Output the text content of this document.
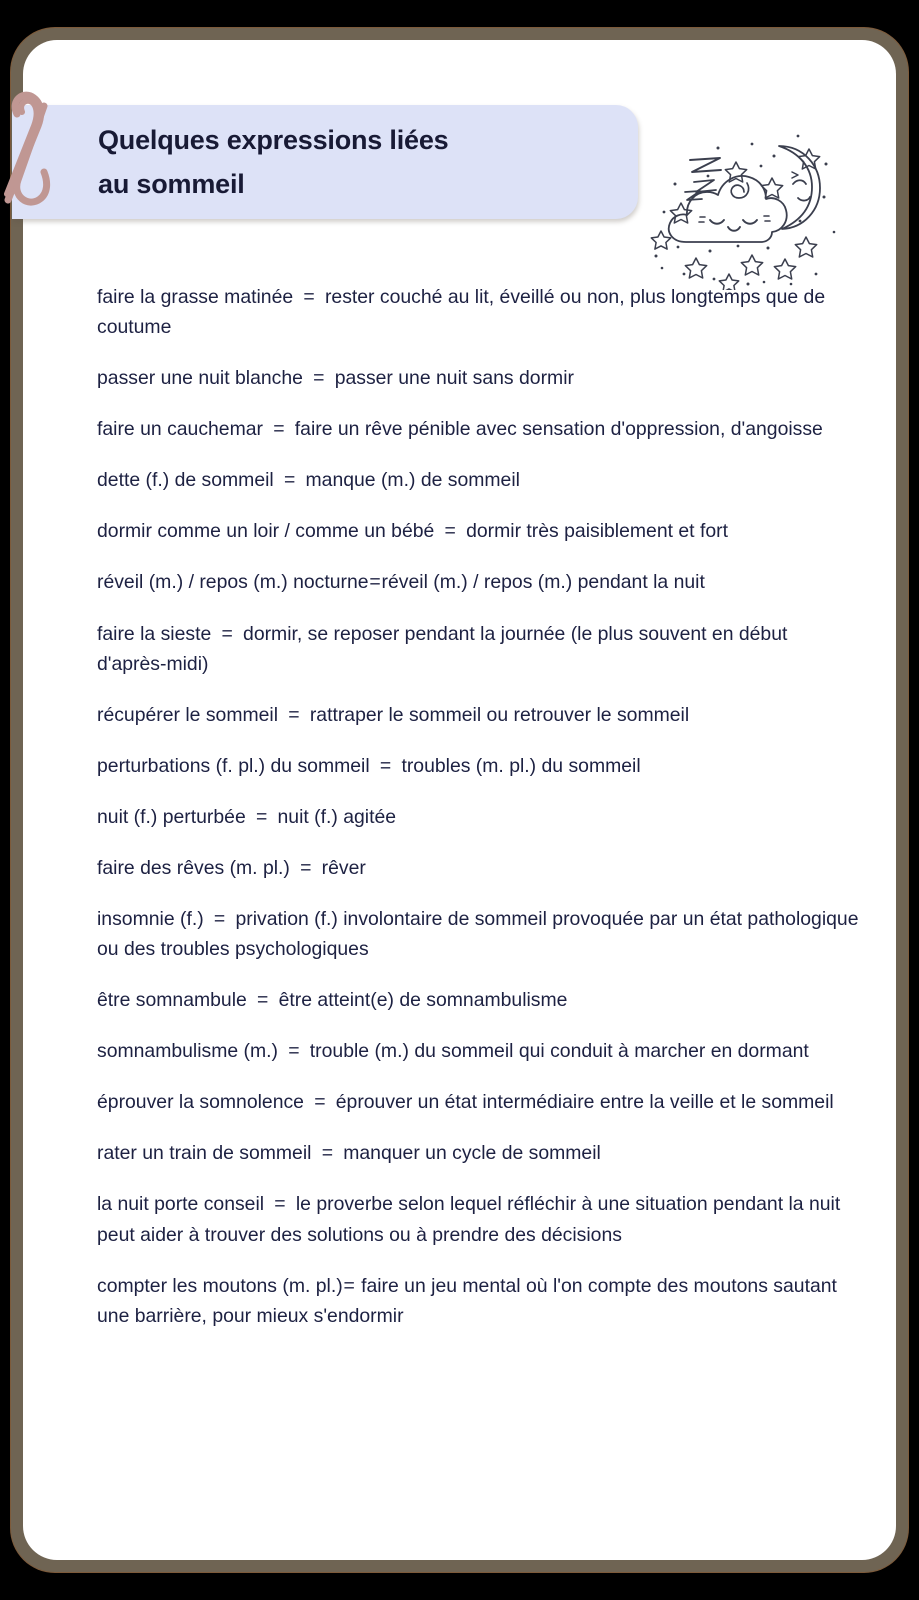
Quelques expressions liées
au sommeil
faire la grasse matinée = rester couché au lit, éveillé ou non, plus longtemps que de coutume
passer une nuit blanche = passer une nuit sans dormir
faire un cauchemar = faire un rêve pénible avec sensation d'oppression, d'angoisse
dette (f.) de sommeil = manque (m.) de sommeil
dormir comme un loir / comme un bébé = dormir très paisiblement et fort
réveil (m.) / repos (m.) nocturne=réveil (m.) / repos (m.) pendant la nuit
faire la sieste = dormir, se reposer pendant la journée (le plus souvent en début d'après-midi)
récupérer le sommeil = rattraper le sommeil ou retrouver le sommeil
perturbations (f. pl.) du sommeil = troubles (m. pl.) du sommeil
nuit (f.) perturbée = nuit (f.) agitée
faire des rêves (m. pl.) = rêver
insomnie (f.) = privation (f.) involontaire de sommeil provoquée par un état pathologique ou des troubles psychologiques
être somnambule = être atteint(e) de somnambulisme
somnambulisme (m.) = trouble (m.) du sommeil qui conduit à marcher en dormant
éprouver la somnolence = éprouver un état intermédiaire entre la veille et le sommeil
rater un train de sommeil = manquer un cycle de sommeil
la nuit porte conseil = le proverbe selon lequel réfléchir à une situation pendant la nuit peut aider à trouver des solutions ou à prendre des décisions
compter les moutons (m. pl.)= faire un jeu mental où l'on compte des moutons sautant une barrière, pour mieux s'endormir
